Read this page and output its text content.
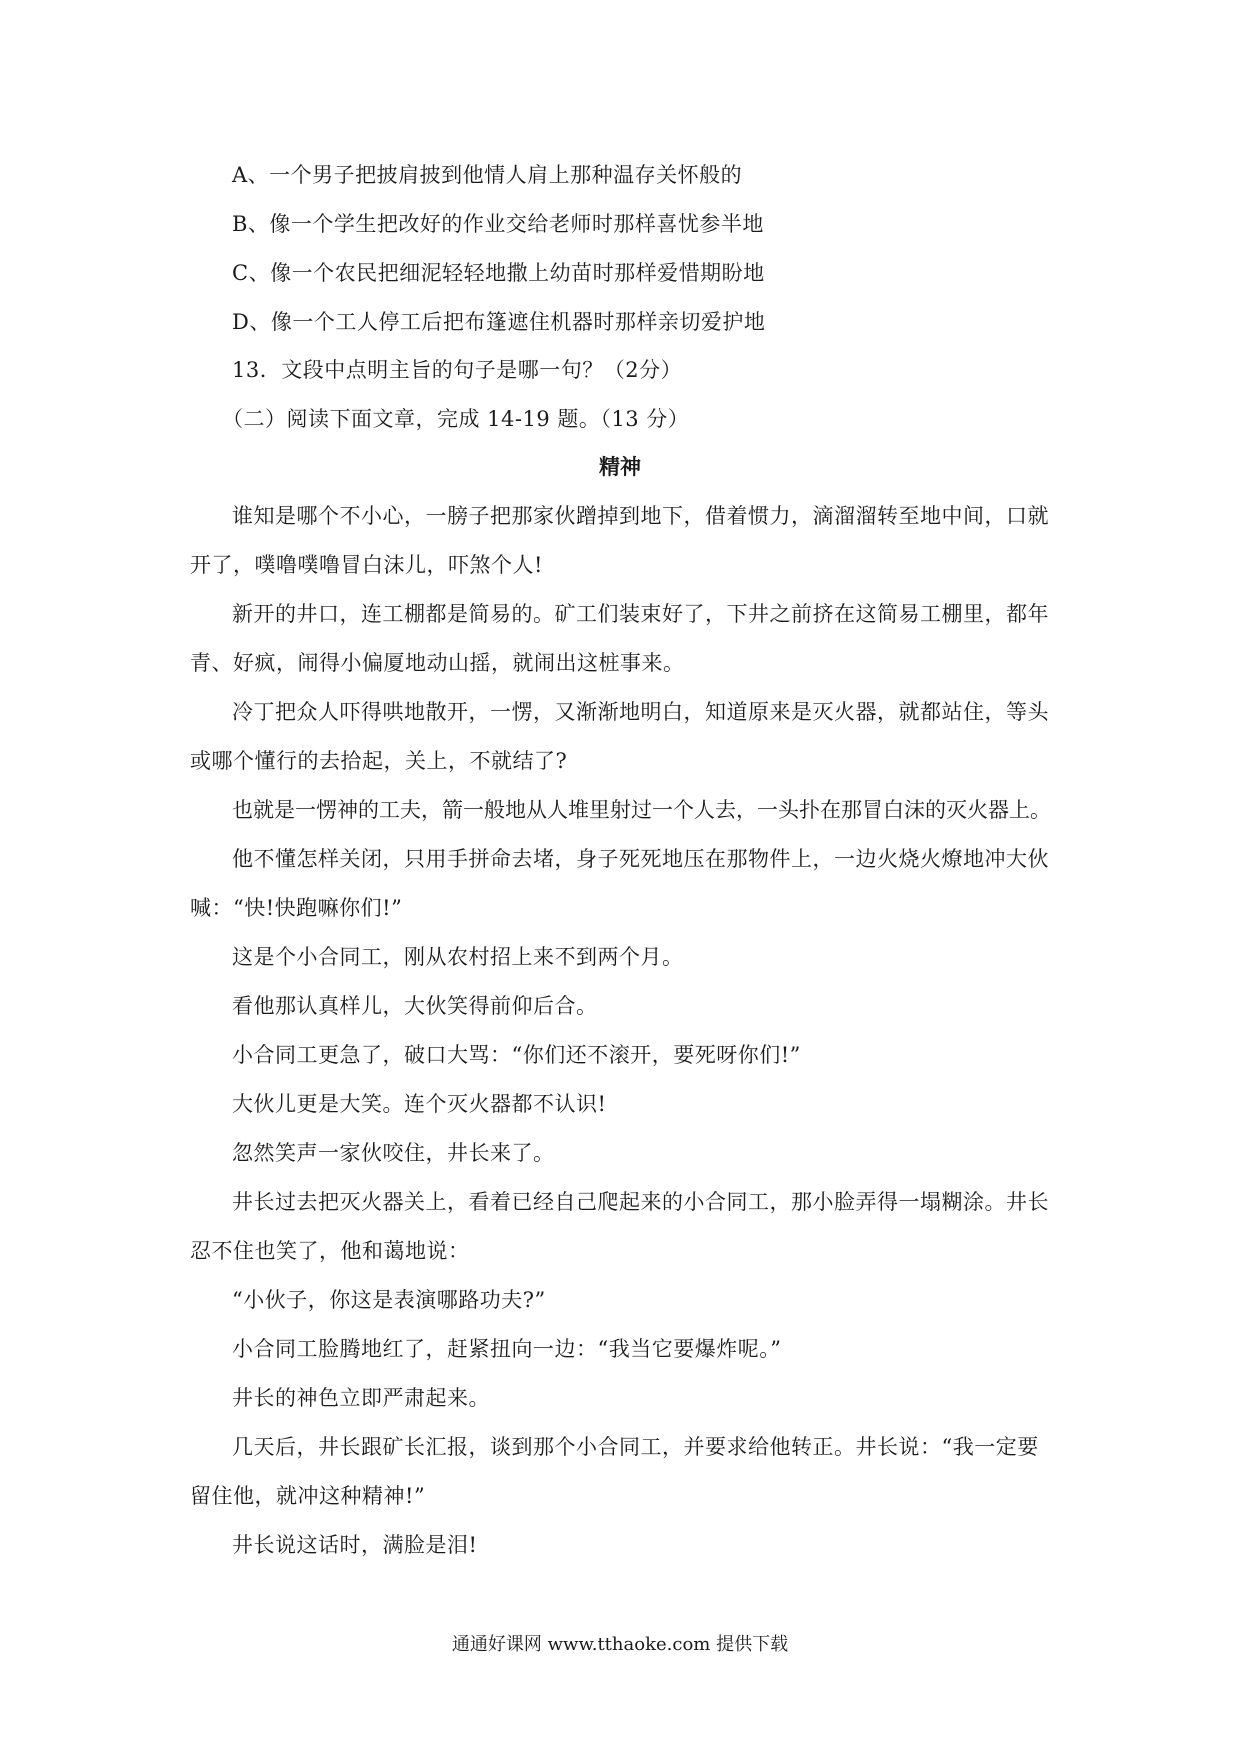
A、一个男子把披肩披到他情人肩上那种温存关怀般的
B、像一个学生把改好的作业交给老师时那样喜忧参半地
C、像一个农民把细泥轻轻地撒上幼苗时那样爱惜期盼地
D、像一个工人停工后把布篷遮住机器时那样亲切爱护地
13．文段中点明主旨的句子是哪一句？（2分）
（二）阅读下面文章，完成 14-19 题。（13 分）
精神
谁知是哪个不小心，一膀子把那家伙蹭掉到地下，借着惯力，滴溜溜转至地中间，口就
开了，噗噜噗噜冒白沫儿，吓煞个人!
新开的井口，连工棚都是简易的。矿工们装束好了，下井之前挤在这简易工棚里，都年
青、好疯，闹得小偏厦地动山摇，就闹出这桩事来。
冷丁把众人吓得哄地散开，一愣，又渐渐地明白，知道原来是灭火器，就都站住，等头
或哪个懂行的去拾起，关上，不就结了?
也就是一愣神的工夫，箭一般地从人堆里射过一个人去，一头扑在那冒白沫的灭火器上。
他不懂怎样关闭，只用手拼命去堵，身子死死地压在那物件上，一边火烧火燎地冲大伙
喊：“快!快跑嘛你们!”
这是个小合同工，刚从农村招上来不到两个月。
看他那认真样儿，大伙笑得前仰后合。
小合同工更急了，破口大骂：“你们还不滚开，要死呀你们!”
大伙儿更是大笑。连个灭火器都不认识!
忽然笑声一家伙咬住，井长来了。
井长过去把灭火器关上，看着已经自己爬起来的小合同工，那小脸弄得一塌糊涂。井长
忍不住也笑了，他和蔼地说：
“小伙子，你这是表演哪路功夫?”
小合同工脸腾地红了，赶紧扭向一边：“我当它要爆炸呢。”
井长的神色立即严肃起来。
几天后，井长跟矿长汇报，谈到那个小合同工，并要求给他转正。井长说：“我一定要
留住他，就冲这种精神!”
井长说这话时，满脸是泪!
通通好课网 www.tthaoke.com 提供下载
